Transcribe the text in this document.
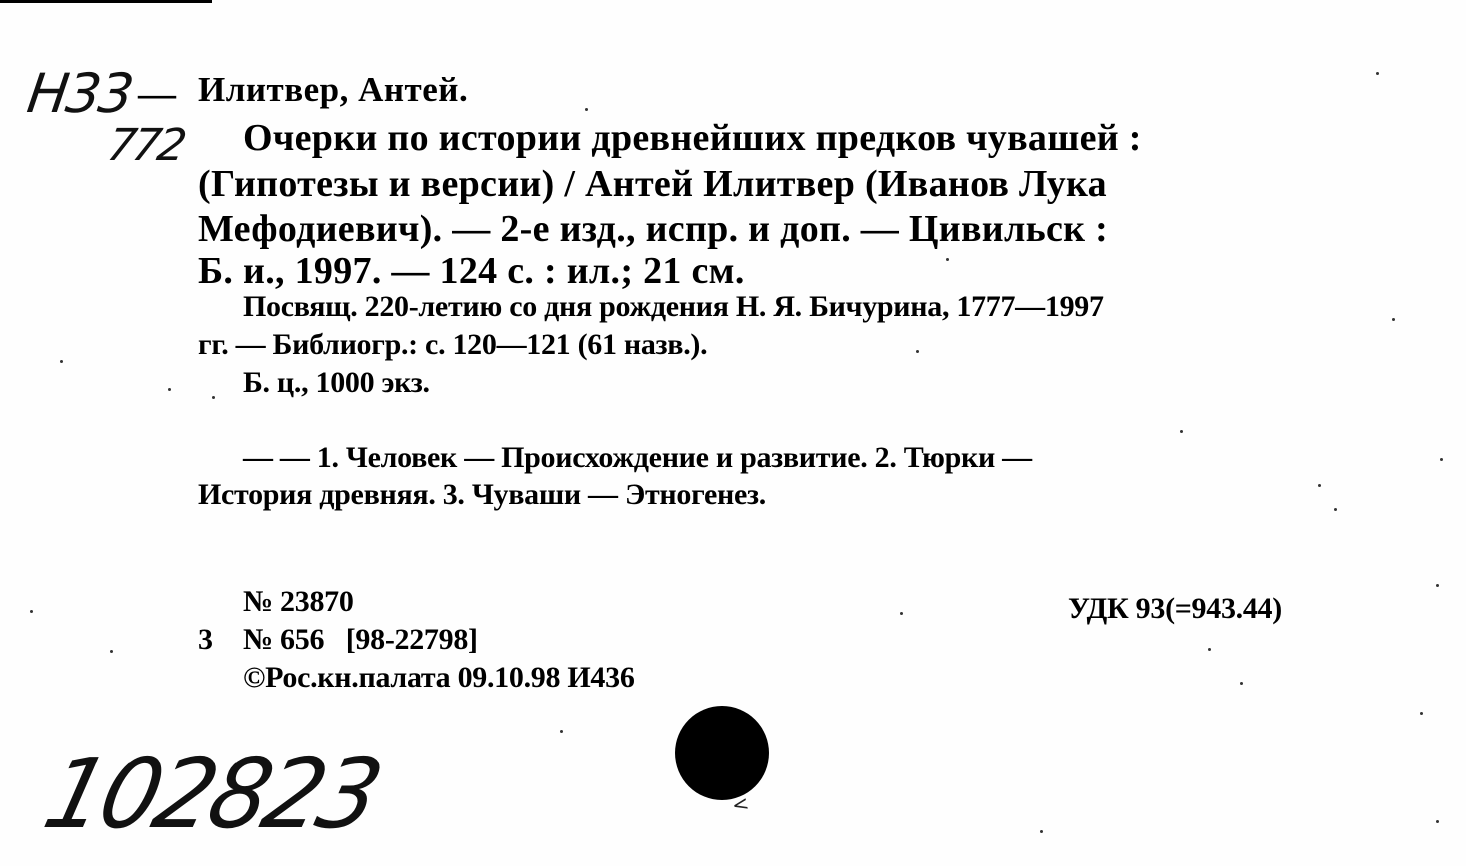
Н33 —
772
Илитвер, Антей.
Очерки по истории древнейших предков чувашей :
(Гипотезы и версии) / Антей Илитвер (Иванов Лука
Мефодиевич). — 2-е изд., испр. и доп. — Цивильск :
Б. и., 1997. — 124 с. : ил.; 21 см.
Посвящ. 220-летию со дня рождения Н. Я. Бичурина, 1777—1997
гг. — Библиогр.: с. 120—121 (61 назв.).
Б. ц., 1000 экз.
— — 1. Человек — Происхождение и развитие. 2. Тюрки —
История древняя. 3. Чуваши — Этногенез.
№ 23870
3 № 656   [98-22798]
©Рос.кн.палата 09.10.98 И436
УДК 93(=943.44)
102823	<
